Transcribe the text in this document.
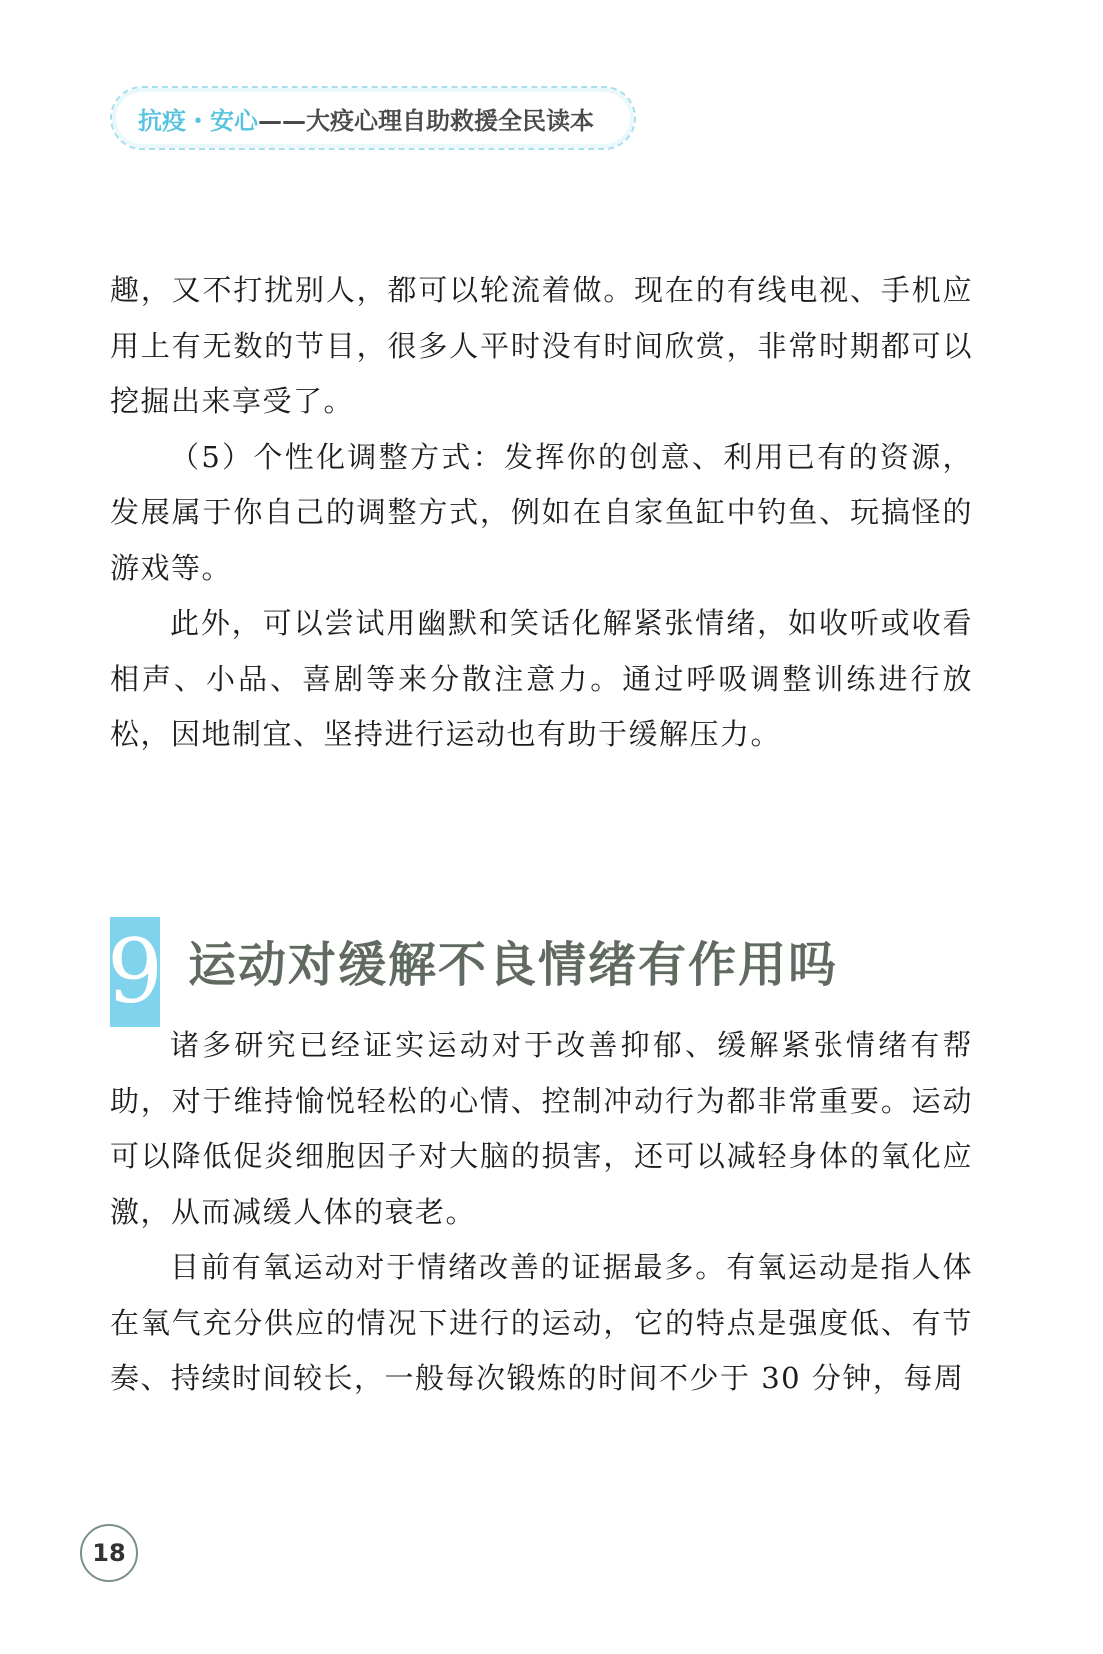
抗疫・安心 ——大疫心理自助救援全民读本

趣，又不打扰别人，都可以轮流着做。现在的有线电视、手机应用上有无数的节目，很多人平时没有时间欣赏，非常时期都可以挖掘出来享受了。

（5）个性化调整方式：发挥你的创意、利用已有的资源，发展属于你自己的调整方式，例如在自家鱼缸中钓鱼、玩搞怪的游戏等。

此外，可以尝试用幽默和笑话化解紧张情绪，如收听或收看相声、小品、喜剧等来分散注意力。通过呼吸调整训练进行放松，因地制宜、坚持进行运动也有助于缓解压力。

9 运动对缓解不良情绪有作用吗

诸多研究已经证实运动对于改善抑郁、缓解紧张情绪有帮助，对于维持愉悦轻松的心情、控制冲动行为都非常重要。运动可以降低促炎细胞因子对大脑的损害，还可以减轻身体的氧化应激，从而减缓人体的衰老。

目前有氧运动对于情绪改善的证据最多。有氧运动是指人体在氧气充分供应的情况下进行的运动，它的特点是强度低、有节奏、持续时间较长，一般每次锻炼的时间不少于 30 分钟，每周

18
